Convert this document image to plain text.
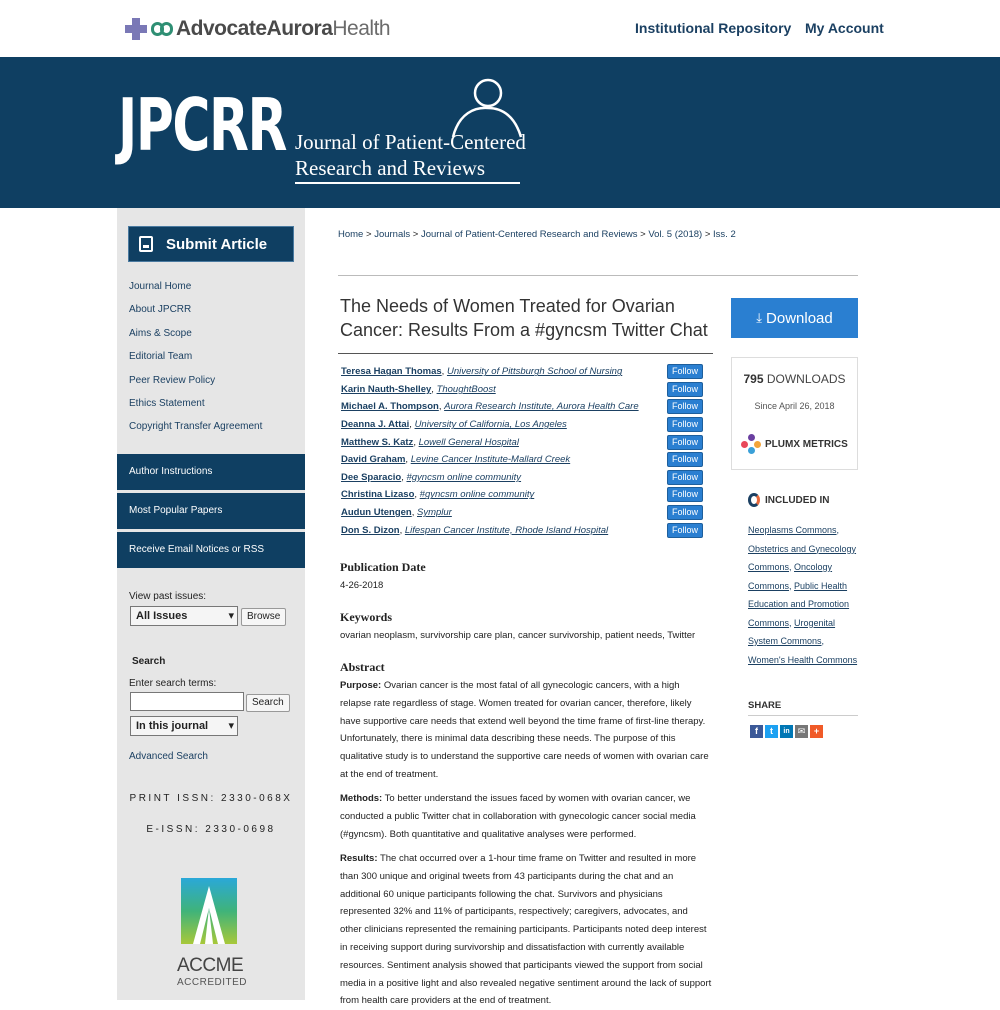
AdvocateAuroraHealth	Institutional Repository My Account
JPCRR Journal of Patient-Centered
Research and Reviews
Submit Article
Journal Home
About JPCRR
Aims & Scope
Editorial Team
Peer Review Policy
Ethics Statement
Copyright Transfer Agreement
Author Instructions
Most Popular Papers
Receive Email Notices or RSS
View past issues:
All Issues ▾	Browse
Search
Enter search terms:
Search
In this journal ▾
Advanced Search
PRINT ISSN: 2330-068X
E-ISSN: 2330-0698
ACCME
ACCREDITED
Home > Journals > Journal of Patient-Centered Research and Reviews > Vol. 5 (2018) > Iss. 2
The Needs of Women Treated for Ovarian Cancer: Results From a #gyncsm Twitter Chat
Teresa Hagan Thomas, University of Pittsburgh School of Nursing	Follow
Karin Nauth-Shelley, ThoughtBoost	Follow
Michael A. Thompson, Aurora Research Institute, Aurora Health Care	Follow
Deanna J. Attai, University of California, Los Angeles	Follow
Matthew S. Katz, Lowell General Hospital	Follow
David Graham, Levine Cancer Institute-Mallard Creek	Follow
Dee Sparacio, #gyncsm online community	Follow
Christina Lizaso, #gyncsm online community	Follow
Audun Utengen, Symplur	Follow
Don S. Dizon, Lifespan Cancer Institute, Rhode Island Hospital	Follow
Publication Date
4-26-2018
Keywords
ovarian neoplasm, survivorship care plan, cancer survivorship, patient needs, Twitter
Abstract
Purpose: Ovarian cancer is the most fatal of all gynecologic cancers, with a high relapse rate regardless of stage. Women treated for ovarian cancer, therefore, likely have supportive care needs that extend well beyond the time frame of first-line therapy. Unfortunately, there is minimal data describing these needs. The purpose of this qualitative study is to understand the supportive care needs of women with ovarian care at the end of treatment.
Methods: To better understand the issues faced by women with ovarian cancer, we conducted a public Twitter chat in collaboration with gynecologic cancer social media (#gyncsm). Both quantitative and qualitative analyses were performed.
Results: The chat occurred over a 1-hour time frame on Twitter and resulted in more than 300 unique and original tweets from 43 participants during the chat and an additional 60 unique participants following the chat. Survivors and physicians represented 32% and 11% of participants, respectively; caregivers, advocates, and other clinicians represented the remaining participants. Participants noted deep interest in receiving support during survivorship and dissatisfaction with currently available resources. Sentiment analysis showed that participants viewed the support from social media in a positive light and also revealed negative sentiment around the lack of support from health care providers at the end of treatment.
⤓ Download
795 DOWNLOADS
Since April 26, 2018
PLUMX METRICS
INCLUDED IN
Neoplasms Commons, Obstetrics and Gynecology Commons, Oncology Commons, Public Health Education and Promotion Commons, Urogenital System Commons, Women's Health Commons
SHARE
f	t	in ✉ +
